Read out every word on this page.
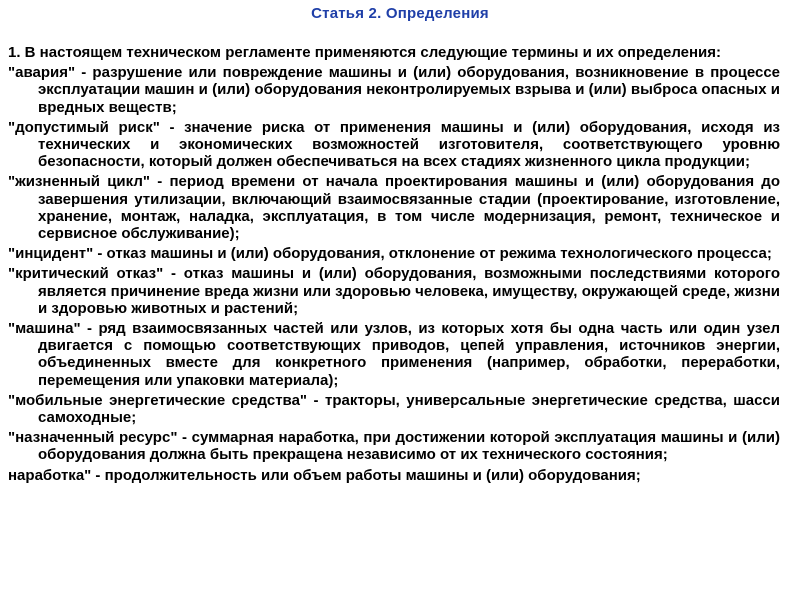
Статья 2. Определения

1. В настоящем техническом регламенте применяются следующие термины и их определения:

"авария" - разрушение или повреждение машины и (или) оборудования, возникновение в процессе эксплуатации машин и (или) оборудования неконтролируемых взрыва и (или) выброса опасных и вредных веществ;

"допустимый риск" - значение риска от применения машины и (или) оборудования, исходя из технических и экономических возможностей изготовителя, соответствующего уровню безопасности, который должен обеспечиваться на всех стадиях жизненного цикла продукции;

"жизненный цикл" - период времени от начала проектирования машины и (или) оборудования до завершения утилизации, включающий взаимосвязанные стадии (проектирование, изготовление, хранение, монтаж, наладка, эксплуатация, в том числе модернизация, ремонт, техническое и сервисное обслуживание);

"инцидент" - отказ машины и (или) оборудования, отклонение от режима технологического процесса;

"критический отказ" - отказ машины и (или) оборудования, возможными последствиями которого является причинение вреда жизни или здоровью человека, имуществу, окружающей среде, жизни и здоровью животных и растений;

"машина" - ряд взаимосвязанных частей или узлов, из которых хотя бы одна часть или один узел двигается с помощью соответствующих приводов, цепей управления, источников энергии, объединенных вместе для конкретного применения (например, обработки, переработки, перемещения или упаковки материала);

"мобильные энергетические средства" - тракторы, универсальные энергетические средства, шасси самоходные;

"назначенный ресурс" - суммарная наработка, при достижении которой эксплуатация машины и (или) оборудования должна быть прекращена независимо от их технического состояния;

наработка" - продолжительность или объем работы машины и (или) оборудования;
